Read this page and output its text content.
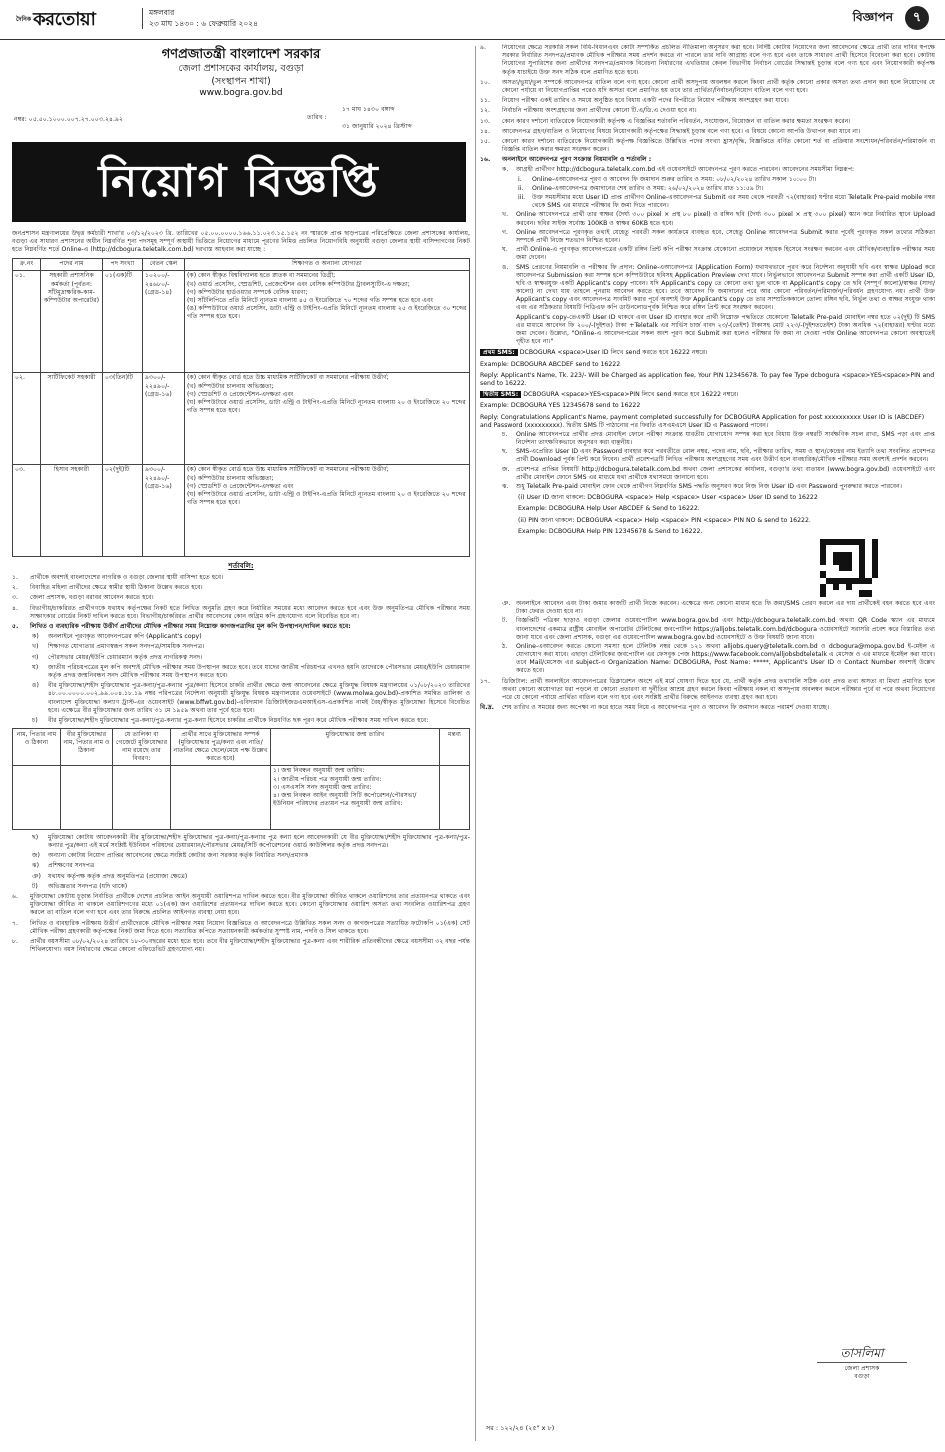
দৈনিক করতোয়া	মঙ্গলবার
২৩ মাঘ ১৪৩০ : ৬ ফেব্রুয়ারি ২০২৪	বিজ্ঞাপন	৭
গণপ্রজাতন্ত্রী বাংলাদেশ সরকার
জেলা প্রশাসকের কার্যালয়, বগুড়া
(সংস্থাপন শাখা)
www.bogra.gov.bd
নম্বর: ০৫.৫০.১০০০.০০৭.২৭.০০৩.২৪.৯২
১৭ মাঘ ১৪৩০ বঙ্গাব্দ
তারিখ :
৩১ জানুয়ারি ২০২৪ খ্রিস্টাব্দ
নিয়োগ বিজ্ঞপ্তি

জনপ্রশাসন মন্ত্রণালয়ের উদ্বৃত্ত কর্মচারী শাখা'র ০৩/১২/২০২৩ খ্রি. তারিখের ০৫.০০.০০০০.১৬৬.১১.০২৩.১৫.১৫২ নং স্মারকে প্রাপ্ত ছাড়পত্রের পরিপ্রেক্ষিতে জেলা প্রশাসকের কার্যালয়, বগুড়া এর সাধারণ প্রশাসনের অধীন নিম্নবর্ণিত শূন্য পদসমূহ সম্পূর্ণ অস্থায়ী ভিত্তিতে নিয়োগের মাধ্যমে পূরণের নিমিত্ত প্রচলিত নিয়োগবিধি অনুযায়ী বগুড়া জেলার স্থায়ী বাসিন্দাগণের নিকট হতে নিম্নবর্ণিত শর্তে Online-এ (http://dcbogura.teletalk.com.bd) দরখাস্ত আহবান করা যাচ্ছে :

ক্র.নং	পদের নাম	পদ সংখ্যা	বেতন স্কেল	শিক্ষাগত ও অন্যান্য যোগ্যতা
০১.	সহকারী প্রশাসনিক কর্মকর্তা (পূর্বতন: সাঁটমুদ্রাক্ষরিক-কাম-কম্পিউটার অপারেটর)	০১(এক)টি	১০২০০/- ২৪৬৮০/- (গ্রেড-১৪)	(ক) কোন স্বীকৃত বিশ্ববিদ্যালয় হতে স্নাতক বা সমমানের ডিগ্রী;
(খ) ওয়ার্ড প্রসেসিং, স্প্রেডশিট, প্রেজেন্টেশন এবং বেসিক কম্পিউটার ট্রাবলস্যুটিং-এ দক্ষতা;
(গ) কম্পিউটার হার্ডওয়্যার সম্পর্কে বেসিক ধারণা;
(ঘ) সাঁটলিপিতে প্রতি মিনিটে ন্যূনতম বাংলায় ৪৫ ও ইংরেজিতে ৭০ শব্দের গতি সম্পন্ন হতে হবে এবং
(ঙ) কম্পিউটারে ওয়ার্ড প্রসেসিং, ডাটা এন্ট্রি ও টাইপিং-এপ্রতি মিনিটে ন্যূনতম বাংলায় ২৫ ও ইংরেজিতে ৩০ শব্দের গতি সম্পন্ন হতে হবে।

০২.	সার্টিফিকেট সহকারী	০৩(তিন)টি	৯৩০০/- ২২৪৯০/- (গ্রেড-১৬)	(ক) কোন স্বীকৃত বোর্ড হতে উচ্চ মাধ্যমিক সার্টিফিকেট বা সমমানের পরীক্ষায় উত্তীর্ণ;
(খ) কম্পিউটার চালনায় অভিজ্ঞতা;
(গ) স্প্রেডশিট ও প্রেজেন্টেশন-এদক্ষতা এবং
(ঘ) কম্পিউটারে ওয়ার্ড প্রসেসিং, ডাটা এন্ট্রি ও টাইপিং-এপ্রতি মিনিটে ন্যূনতম বাংলায় ২০ ও ইংরেজিতে ২০ শব্দের গতি সম্পন্ন হতে হবে।

০৩.	হিসাব সহকারী	০২(দুই)টি	৯৩০০/- ২২৪৯০/- (গ্রেড-১৬)	(ক) কোন স্বীকৃত বোর্ড হতে উচ্চ মাধ্যমিক সার্টিফিকেট বা সমমানের পরীক্ষায় উত্তীর্ণ;
(খ) কম্পিউটার চালনায় অভিজ্ঞতা;
(গ) স্প্রেডশিট ও প্রেজেন্টেশন-এদক্ষতা এবং
(ঘ) কম্পিউটারে ওয়ার্ড প্রসেসিং, ডাটা এন্ট্রি ও টাইপিং-এপ্রতি মিনিটে ন্যূনতম বাংলায় ২০ ও ইংরেজিতে ২০ শব্দের গতি সম্পন্ন হতে হবে।
শর্তাবলি:
১.	প্রার্থীকে অবশ্যই বাংলাদেশের নাগরিক ও বগুড়া জেলার স্থায়ী বাসিন্দা হতে হবে।
২.	বিবাহিত মহিলা প্রার্থীদের ক্ষেত্রে স্বামীর স্থায়ী ঠিকানা উল্লেখ করতে হবে।
৩.	জেলা প্রশাসক, বগুড়া বরাবর আবেদন করতে হবে।
৪.	বিভাগীয়/চাকরিরত প্রার্থীগণকে যথাযথ কর্তৃপক্ষের নিকট হতে লিখিত অনুমতি গ্রহণ করে নির্ধারিত সময়ের মধ্যে আবেদন করতে হবে এবং উক্ত অনুমতিপত্র মৌখিক পরীক্ষার সময় সাক্ষাৎকার বোর্ডের নিকট দাখিল করতে হবে। বিভাগীয়/চাকরিরত প্রার্থীর আবেদনের কোন অগ্রিম কপি গ্রহণযোগ্য বলে বিবেচিত হবে না।
৫.	লিখিত ও ব্যবহারিক পরীক্ষায় উত্তীর্ণ প্রার্থীদের মৌখিক পরীক্ষার সময় নিম্নোক্ত কাগজপত্রাদির মূল কপি উপস্থাপন/দাখিল করতে হবে:
ক)	অনলাইনে পূরণকৃত আবেদনপত্রের কপি (Applicant's copy)
খ)	শিক্ষাগত যোগ্যতার প্রমাণস্বরূপ সকল সনদপত্র/সাময়িক সনদপত্র।
গ)	পৌরসভার মেয়র/ইউপি চেয়ারম্যান কর্তৃক প্রদত্ত নাগরিকত্ব সনদ।
ঘ)	জাতীয় পরিচয়পত্রের মূল কপি অবশ্যই মৌখিক পরীক্ষার সময় উপস্থাপন করতে হবে। তবে যাদের জাতীয় পরিচয়পত্র এখনও হয়নি তাদেরকে পৌরসভার মেয়র/ইউপি চেয়ারম্যান কর্তৃক প্রদত্ত জন্মনিবন্ধন সনদ মৌখিক পরীক্ষার সময় উপস্থাপন করতে হবে।
ঙ)	বীর মুক্তিযোদ্ধা/শহীদ মুক্তিযোদ্ধার পুত্র-কন্যা/পুত্র-কন্যার পুত্র/কন্যা হিসেবে চাকরি প্রার্থীর ক্ষেত্রে জন্ম আবেদনের ক্ষেত্রে মুক্তিযুদ্ধ বিষয়ক মন্ত্রণালয়ের ০১/০৮/২০২৩ তারিখের ৪৮.০০.০০০০.০০২.৯৯.০০৪.১৮.১৯ নম্বর পরিপত্রের নির্দেশনা অনুযায়ী মুক্তিযুদ্ধ বিষয়ক মন্ত্রণালয়ের ওয়েবসাইটে (www.molwa.gov.bd)-প্রকাশিত সমন্বিত তালিকা ও বাংলাদেশ মুক্তিযোদ্ধা কল্যাণ ট্রাস্ট-এর ওয়েবসাইট (www.bffwt.gov.bd)-এবিদ্যমান ডিজিটাইজডএমআইএস-এপ্রকাশিত নামই বৈধ/স্বীকৃত মুক্তিযোদ্ধা হিসেবে বিবেচিত হবে। এক্ষেত্রে বীর মুক্তিযোদ্ধার জন্য তারিখ ৩১ মে ১৯৫৯ অথবা তার পূর্বে হতে হবে।
চ)	বীর মুক্তিযোদ্ধা/শহীদ মুক্তিযোদ্ধার পুত্র-কন্যা/পুত্র-কন্যার পুত্র-কন্যা হিসেবে চাকরির প্রার্থীকে নিম্নবর্ণিত ছক পূরণ করে মৌখিক পরীক্ষার সময় দাখিল করতে হবে:
নাম, পিতার নাম ও ঠিকানা	বীর মুক্তিযোদ্ধার নাম, পিতার নাম ও ঠিকানা	যে তালিকা বা গেজেটে মুক্তিযোদ্ধার নাম রয়েছে তার বিবরণ:	প্রার্থীর সাথে মুক্তিযোদ্ধার সম্পর্ক (মুক্তিযোদ্ধার পুত্র/কন্যা এবং নাতি/নাতনির ক্ষেত্রে ছেলে/মেয়ে পক্ষ উল্লেখ করতে হবে)	মুক্তিযোদ্ধার জন্ম তারিখ	মন্তব্য

				১। জন্ম নিবন্ধন অনুযায়ী জন্ম তারিখ:
২। জাতীয় পরিচয় পত্র অনুযায়ী জন্ম তারিখ:
৩। এসএসসি সনদ অনুযায়ী জন্ম তারিখ:
৪। জন্ম নিবন্ধন আইন অনুযায়ী সিটি কর্পোরেশন/পৌরসভা/ইউনিয়ন পরিষদের প্রত্যয়ন পত্র অনুযায়ী জন্ম তারিখ:	

ছ)	মুক্তিযোদ্ধা কোটায় আবেদনকারী বীর মুক্তিযোদ্ধা/শহীদ মুক্তিযোদ্ধার পুত্র-কন্যা/পুত্র-কন্যার পুত্র কন্যা হলে আবেদনকারী যে বীর মুক্তিযোদ্ধা/শহীদ মুক্তিযোদ্ধার পুত্র-কন্যা/পুত্র-কন্যার পুত্র/কন্যা এই মর্মে সংশ্লিষ্ট ইউনিয়ন পরিষদের চেয়ারম্যান/পৌরসভার মেয়র/সিটি কর্পোরেশনের ওয়ার্ড কাউন্সিলর কর্তৃক প্রদত্ত সনদপত্র।
জ)	অন্যান্য কোটায় নিয়োগ প্রাপ্তির আবেদনের ক্ষেত্রে সংশ্লিষ্ট কোটার জন্য সরকার কর্তৃক নির্ধারিত সনদ/প্রমাণক
ঝ)	প্রশিক্ষণের সনদপত্র
ঞ)	যথাযথ কর্তৃপক্ষ কর্তৃক প্রদত্ত অনুমতিপত্র (প্রযোজ্য ক্ষেত্রে)
ট)	অভিজ্ঞতার সনদপত্র (যদি থাকে)
৬.	মুক্তিযোদ্ধা কোটায় চূড়ান্ত নির্বাচিত প্রার্থীকে দেশের প্রচলিত আইন অনুযায়ী ওয়ারিশপত্র দাখিল করতে হবে। বীর মুক্তিযোদ্ধা জীবিত থাকলে ওয়ারিশদের তার প্রত্যয়নপত্র থাকতে এবং মুক্তিযোদ্ধা জীবিত না থাকলে ওয়ারিশগণের মধ্যে ০১(এক) জন ওয়ারিশের প্রত্যয়নপত্র দাখিল করতে হবে। কোনো মুক্তিযোদ্ধার ওয়ারিশ অসত্য তথ্য সংবলিত ওয়ারিশপত্র গ্রহণ করলে তা বাতিল বলে গণ্য হবে এবং তার বিরুদ্ধে প্রচলিত আইনগত ব্যবস্থা নেয়া হবে।
৭.	লিখিত ও ব্যবহারিক পরীক্ষায় উত্তীর্ণ প্রার্থীদেরকে মৌখিক পরীক্ষার সময় নিয়োগ বিজ্ঞপ্তিতে ও আবেদনপত্রে উল্লিখিত সকল সনদ ও কাগজপত্রের সত্যায়িত ফটোকপি ০১(এক) সেট মৌখিক পরীক্ষা গ্রহণকারী কর্তৃপক্ষের নিকট জমা দিতে হবে। সত্যায়িত কপিতে সত্যায়নকারী কর্মকর্তার সুস্পষ্ট নাম, পদবি ও সিল থাকতে হবে।
৮.	প্রার্থীর বয়সসীমা ০৮/০২/২০২৪ তারিখে ১৮-৩০বছরের মধ্যে হতে হবে। তবে বীর মুক্তিযোদ্ধা/শহীদ মুক্তিযোদ্ধার পুত্র-কন্যা এবং শারীরিক প্রতিবন্ধীদের ক্ষেত্রে বয়সসীমা ৩২ বছর পর্যন্ত শিথিলযোগ্য। বয়স নির্ধারণের ক্ষেত্রে কোনো এফিডেভিট গ্রহণযোগ্য নয়।
৯.	নিয়োগের ক্ষেত্রে সরকারি সকল বিধি-বিধানএবং কোটা সম্পর্কিত প্রচলিত নীতিমালা অনুসরণ করা হবে। নির্দিষ্ট কোটায় নিয়োগের জন্য আবেদনের ক্ষেত্রে প্রার্থী তার দাবির স্বপক্ষে সরকার নির্ধারিত সনদপত্র/প্রমাণক মৌখিক পরীক্ষার সময় প্রদর্শন করতে না পারলে তার দাবি আগ্রাহ্য বলে গণ্য হবে এবং তাকে সাধারণ প্রার্থী হিসেবে বিবেচনা করা হবে। কোটায় নিয়োগের সুপারিশের জন্য প্রার্থীদের সনদপত্র/প্রমাণক বিবেচনা নির্ধারণের এখতিয়ার কেবল বিভাগীয় নির্বাচন বোর্ডের সিদ্ধান্তই চূড়ান্ত বলে গণ্য হবে এবং নিয়োগকারী কর্তৃপক্ষ কর্তৃক যাচাইয়ে উক্ত সনদ সঠিক বলে প্রমাণিত হতে হবে।
১০.	অসত্য/ভুয়া/ভুল সম্পর্কে আবেদনপত্র বাতিল বলে গণ্য হবে। কোনো প্রার্থী অসদুপায় অবলম্বন করলে কিংবা প্রার্থী কর্তৃক কোনো প্রকার অসত্য তথ্য প্রদান করা হলে নিয়োগের যে কোনো পর্যায়ে বা নিয়োগপ্রাপ্তির পরেও যদি অসত্য বলে প্রমাণিত হয় তবে তার প্রার্থিতা/নির্বাচন/নিয়োগ বাতিল বলে গণ্য হবে।
১১.	নিয়োগ পরীক্ষা একই তারিখ ও সময়ে অনুষ্ঠিত হবে বিধায় একটি পদের বিপরীতে নিয়োগ পরীক্ষায় অংশগ্রহণ করা যাবে।
১২.	নির্বাচনি পরীক্ষায় অংশগ্রহণের জন্য প্রার্থীদের কোনো টি.এ/ডি.এ দেওয়া হবে না।
১৩.	কোন কারণ দর্শানো ব্যতিরেকে নিয়োগকারী কর্তৃপক্ষ এ বিজ্ঞপ্তির শর্তাবলি পরিবর্তন, সংযোজন, বিয়োজন বা বাতিল করার ক্ষমতা সংরক্ষণ করেন।
১৪.	আবেদনপত্র গ্রহণ/বাতিল ও নিয়োগের বিষয়ে নিয়োগকারী কর্তৃপক্ষের সিদ্ধান্তই চূড়ান্ত বলে গণ্য হবে। এ বিষয়ে কোনো আপত্তি উত্থাপন করা যাবে না।
১৫.	কোনো কারণ দর্শানো ব্যতিরেকে নিয়োগকারী কর্তৃপক্ষ বিজ্ঞপ্তিতে উল্লিখিত পদের সংখ্যা হ্রাস/বৃদ্ধি, বিজ্ঞপ্তিতে বর্ণিত কোনো শর্ত বা প্রক্রিয়ার সংশোধন/পরিবর্তন/পরিমার্জন বা বিজ্ঞপ্তি বাতিল করার ক্ষমতা সংরক্ষণ করেন।
১৬.	অনলাইনে আবেদনপত্র পূরণ সংক্রান্ত নিয়মাবলি ও শর্তাবলি :
ক.	আগ্রহী প্রার্থীগণ http://dcbogura.teletalk.com.bd এই ওয়েবসাইটে আবেদনপত্র পূরণ করতে পারবেন। আবেদনের সময়সীমা নিম্নরূপ:
i.	Online-এআবেদনপত্র পূরণ ও আবেদন ফি জমাদান শুরুর তারিখ ও সময়: ০৮/০২/২০২৪ তারিখ সকাল ১০:০০ টা।
ii.	Online-এআবেদনপত্র জমাদানের শেষ তারিখ ও সময়: ২৬/০২/২০২৪ তারিখ রাত ১১:৫৯ টা।
iii.	উক্ত সময়সীমার মধ্যে User ID প্রাপ্ত প্রার্থীগণ Online-এআবেদনপত্র Submit এর সময় থেকে পরবর্তী ৭২(বাহাত্তর) ঘণ্টার মধ্যে Teletalk Pre-paid mobile নম্বর থেকে SMS এর মাধ্যমে পরীক্ষার ফি জমা দিতে পারবেন।
খ.	Online আবেদনপত্রে প্রার্থী তার স্বাক্ষর (দৈর্ঘ্য ৩০০ pixel × প্রস্থ ৮০ pixel) ও রঙ্গিন ছবি (দৈর্ঘ্য ৩০০ pixel × প্রস্থ ৩০০ pixel) স্ক্যান করে নির্ধারিত স্থানে Upload করবেন। ছবির সাইজ সর্বোচ্চ 100KB ও স্বাক্ষর 60KB হতে হবে।
গ.	Online আবেদনপত্রে পূরণকৃত তথ্যই যেহেতু পরবর্তী সকল কার্যক্রমে ব্যবহৃত হবে, সেহেতু Online আবেদনপত্র Submit করার পূর্বেই পূরণকৃত সকল তথ্যের সঠিকতা সম্পর্কে প্রার্থী নিজে শতভাগ নিশ্চিত হবেন।
ঘ.	প্রার্থী Online-এ পূরণকৃত আবেদনপত্রের একটি রঙ্গিন প্রিন্ট কপি পরীক্ষা সংক্রান্ত যেকোনো প্রয়োজনে সহায়ক হিসেবে সংরক্ষণ করবেন এবং মৌখিক/ব্যবহারিক পরীক্ষার সময় জমা দেবেন।
ঙ.	SMS প্রেরণের নিয়মাবলি ও পরীক্ষার ফি প্রদান: Online-এআবেদনপত্র (Application Form) যথাযথভাবে পূরণ করে নির্দেশনা অনুযায়ী ছবি এবং স্বাক্ষর Upload করে আবেদনপত্র Submission করা সম্পন্ন হলে কম্পিউটারে ছবিসহ Application Preview দেখা যাবে। নির্ভুলভাবে আবেদনপত্র Submit সম্পন্ন করা প্রার্থী একটি User ID, ছবি ও স্বাক্ষরযুক্ত একটি Applicant's copy পাবেন। যদি Applicant's copy তে কোনো তথ্য ভুল থাকে বা Applicant's copy তে ছবি (সম্পূর্ণ কালো)/স্বাক্ষর (সাদা/কালো) না দেখা যায় তাহলে পুনরায় আবেদন করতে হবে। তবে আবেদন ফি জমাদানের পরে আর কোনো পরিবর্তন/পরিমার্জন/পরিবর্ধন গ্রহণযোগ্য নয়। প্রার্থী উক্ত Applicant's copy এবং আবেদনপত্র সাবমিট করার পূর্বে অবশ্যই উক্ত Applicant's copy তে তার সাম্প্রতিককালে তোলা রঙ্গিন ছবি, নির্ভুল তথ্য ও স্বাক্ষর সংযুক্ত থাকা এবং এর সঠিকতার বিষয়টি পিডিএফ কপি ডাউনলোডপূর্বক নিশ্চিত করে রঙ্গিন প্রিন্ট করে সংরক্ষণ করবেন।
Applicant's copy-তেএকটি User ID থাকবে এবং User ID ব্যবহার করে প্রার্থী নিম্নোক্ত পদ্ধতিতে যেকোনো Teletalk Pre-paid মোবাইল নম্বর হতে ০২(দুই) টি SMS এর মাধ্যমে আবেদন ফি ২০০/-(দুইশত) টাকা +Teletalk এর সার্ভিস চার্জ বাবদ ২৩/-(তেইশ) টাকাসহ মোট ২২৩/-(দুইশততেইশ) টাকা অনধিক ৭২(বাহাত্তর) ঘণ্টার মধ্যে জমা দেবেন। উল্লেখ্য, "Online-এ আবেদনপত্রের সকল অংশ পূরণ করে Submit করা হলেও পরীক্ষার ফি জমা না দেওয়া পর্যন্ত Online আবেদনপত্র কোনো অবস্থাতেই গৃহীত হবে না।"
প্রথম SMS: DCBOGURA <space>User ID লিখে send করতে হবে 16222 নম্বরে।
Example: DCBOGURA ABCDEF send to 16222
Reply: Applicant's Name, Tk. 223/- Will be Charged as application fee, Your PIN 12345678. To pay fee Type dcbogura <space>YES<space>PIN and send to 16222.
দ্বিতীয় SMS: DCBOGURA <space>YES<space>PIN লিখে send করতে হবে 16222 নম্বরে।
Example: DCBOGURA YES 12345678 send to 16222
Reply: Congratulations Applicant's Name, payment completed successfully for DCBOGURA Application for post xxxxxxxxxx User ID is (ABCDEF) and Password (xxxxxxxxx). দ্বিতীয় SMS টি পাঠানোর পর ফিরতি এসএমএসে User ID এ Password পাবেন।
চ.	Online আবেদনপত্রে প্রার্থীর প্রদত্ত মোবাইল ফোনে পরীক্ষা সংক্রান্ত যাবতীয় যোগাযোগ সম্পন্ন করা হবে বিধায় উক্ত নম্বরটি সার্বক্ষণিক সচল রাখা, SMS পড়া এবং প্রাপ্ত নির্দেশনা তাৎক্ষণিকভাবে অনুসরণ করা বাঞ্ছনীয়।
ছ.	SMS-এপ্রেরিত User ID এবং Password ব্যবহার করে পরবর্তীতে রোল নম্বর, পদের নাম, ছবি, পরীক্ষার তারিখ, সময় ও স্থান/কেন্দ্রের নাম ইত্যাদি তথ্য সংবলিত প্রবেশপত্র প্রার্থী Download পূর্বক প্রিন্ট করে নিবেন। প্রার্থী প্রবেশপত্রটি লিখিত পরীক্ষায় অংশগ্রহণের সময় এবং উত্তীর্ণ হলে ব্যবহারিক/মৌখিক পরীক্ষার সময় অবশ্যই প্রদর্শন করবেন।
জ.	প্রবেশপত্র প্রাপ্তির বিষয়টি http://dcbogura.teletalk.com.bd অথবা জেলা প্রশাসকের কার্যালয়, বগুড়া'র তথ্য বাতায়ন (www.bogra.gov.bd) ওয়েবসাইটে এবং প্রার্থীর মোবাইল ফোনে SMS এর মাধ্যমে যথা প্রার্থীকে যথাসময়ে জানানো হবে।
ঝ.	শুধু Teletalk Pre-paid মোবাইল ফোন থেকে প্রার্থীগণ নিম্নবর্ণিত SMS পদ্ধতি অনুসরণ করে নিজ নিজ User ID এবং Password পুনরুদ্ধার করতে পারবেন।
(i) User ID জানা থাকলে: DCBOGURA <space> Help <space> User <space> User ID send to 16222
Example: DCBOGURA Help User ABCDEF & Send to 16222.
(ii) PIN জানা থাকলে: DCBOGURA <space> Help <space> PIN <space> PIN NO & send to 16222.
Example: DCBOGURA Help PIN 12345678 & Send to 16222.
ঞ. অনলাইনে আবেদন এবং টাকা জমার কাজটি প্রার্থী নিজে করবেন। এক্ষেত্রে অন্য কোনো মাধ্যম হতে ফি জমা/SMS প্রেরণ করলে এর দায় প্রার্থীকেই বহন করতে হবে এবং টাকা ফেরত দেওয়া হবে না।
ট.	বিজ্ঞপ্তিটি পত্রিকা ছাড়াও বগুড়া জেলার ওয়েবপোর্টাল www.bogra.gov.bd এবং http://dcbogura.teletalk.com.bd অথবা QR Code স্ক্যান এর মাধ্যমে বাংলাদেশের একমাত্র রাষ্ট্রীয় মোবাইল অপারেটর টেলিটকের জবপোর্টাল https://alljobs.teletalk.com.bd/dcbogura ওয়েবসাইটে সরাসরি প্রবেশ করে বিস্তারিত তথ্য জানা যাবে এবং জেলা প্রশাসক, বগুড়া এর ওয়েবপোর্টাল www.bogra.gov.bd ওয়েবসাইটে ও উক্ত বিষয়টি জানা যাবে।
ঠ.	Online-এআবেদন করতে কোনো সমস্যা হলে টেলিটক নম্বর থেকে ১২১ অথবা alljobs.query@teletalk.com.bd ও dcbogura@mopa.gov.bd ই-মেইল এ যোগাযোগ করা যাবে। এছাড়া টেলিটকের জবপোর্টাল এর ফেসবুক পেজ https://www.facebook.com/alljobsbdteletalk এ মেসেজ ও এর মাধ্যমে ইমেইল করা যাবে। তবে Mail/মেসেজ এর subject-এ Organization Name: DCBOGURA, Post Name: *****, Applicant's User ID ও Contact Number অবশ্যই উল্লেখ করতে হবে।
১৭.	ডিজিটাল: প্রার্থী অনলাইনে আবেদনপত্রের ডিক্লারেশন অংশে এই মর্মে ঘোষণা দিতে হবে যে, প্রার্থী কর্তৃক প্রদত্ত তথ্যাবলি সঠিক এবং প্রদত্ত তথ্য অসত্য বা মিথ্যা প্রমাণিত হলে অথবা কোনো অযোগ্যতা ধরা পড়লে বা কোনো প্রতারণা বা দুর্নীতির আশ্রয় গ্রহণ করলে কিংবা পরীক্ষায় নকল বা অসদুপায় অবলম্বন করলে পরীক্ষার পূর্বে বা পরে অথবা নিয়োগের পরে যে কোনো পর্যায়ে প্রার্থিতা বাতিল বলে গণ্য হবে এবং সংশ্লিষ্ট প্রার্থীর বিরুদ্ধে আইনগত ব্যবস্থা গ্রহণ করা হবে।
বি.দ্র.	শেষ তারিখ ও সময়ের জন্য অপেক্ষা না করে হাতে সময় নিয়ে এ আবেদনপত্র পূরণ ও আবেদন ফি জমাদান করতে পরামর্শ দেওয়া যাচ্ছে।
তাসলিমা
জেলা প্রশাসক
বগুড়া
সর : ১২২/২৪ (২৫" x ৮)
